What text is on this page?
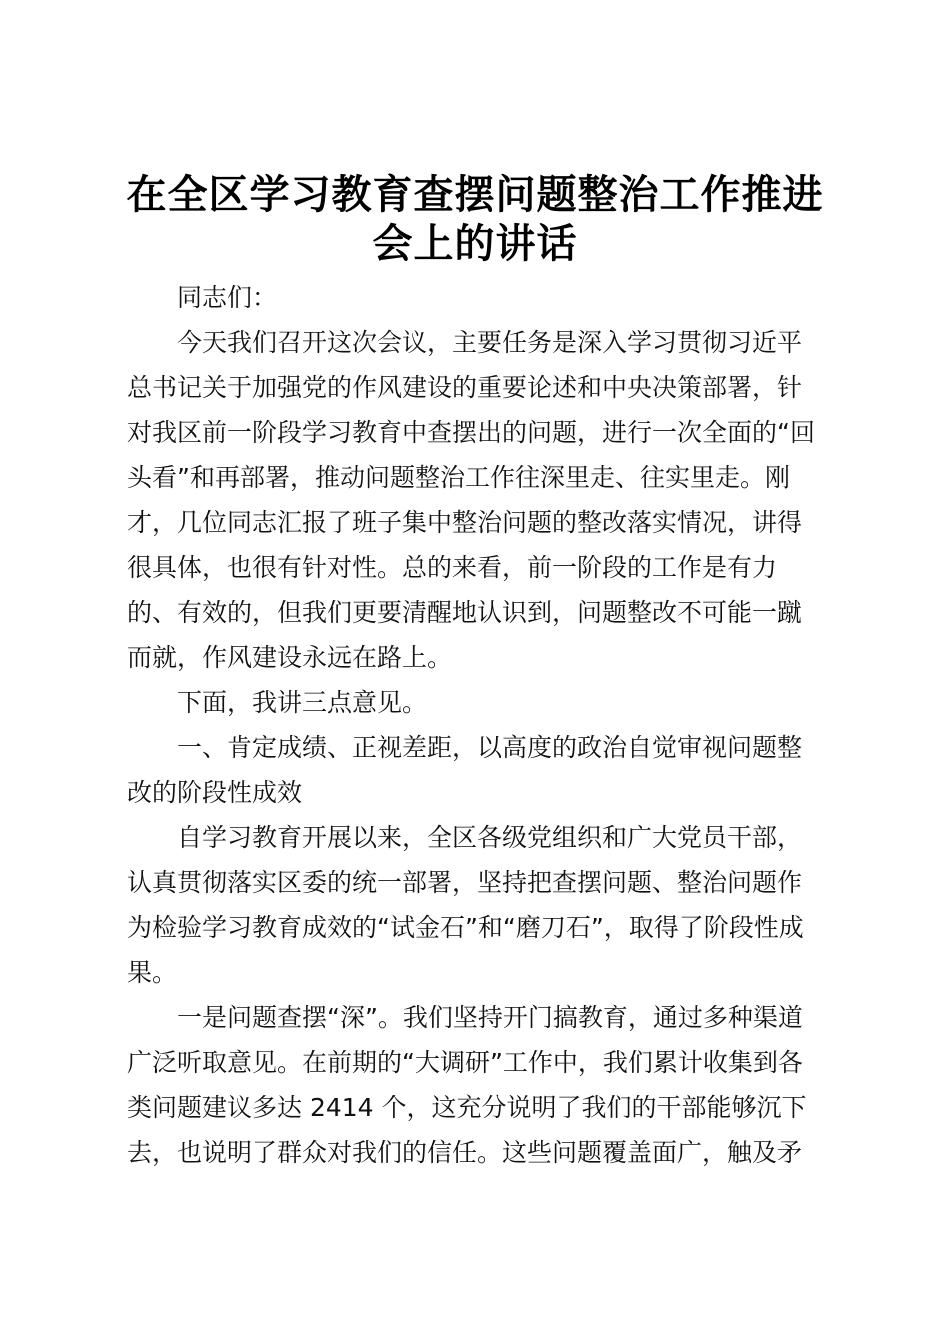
在全区学习教育查摆问题整治工作推进
会上的讲话
同志们：
今天我们召开这次会议，主要任务是深入学习贯彻习近平
总书记关于加强党的作风建设的重要论述和中央决策部署，针
对我区前一阶段学习教育中查摆出的问题，进行一次全面的“回
头看”和再部署，推动问题整治工作往深里走、往实里走。刚
才，几位同志汇报了班子集中整治问题的整改落实情况，讲得
很具体，也很有针对性。总的来看，前一阶段的工作是有力
的、有效的，但我们更要清醒地认识到，问题整改不可能一蹴
而就，作风建设永远在路上。
下面，我讲三点意见。
一、肯定成绩、正视差距，以高度的政治自觉审视问题整
改的阶段性成效
自学习教育开展以来，全区各级党组织和广大党员干部，
认真贯彻落实区委的统一部署，坚持把查摆问题、整治问题作
为检验学习教育成效的“试金石”和“磨刀石”，取得了阶段性成
果。
一是问题查摆“深”。我们坚持开门搞教育，通过多种渠道
广泛听取意见。在前期的“大调研”工作中，我们累计收集到各
类问题建议多达 2414 个，这充分说明了我们的干部能够沉下
去，也说明了群众对我们的信任。这些问题覆盖面广，触及矛
